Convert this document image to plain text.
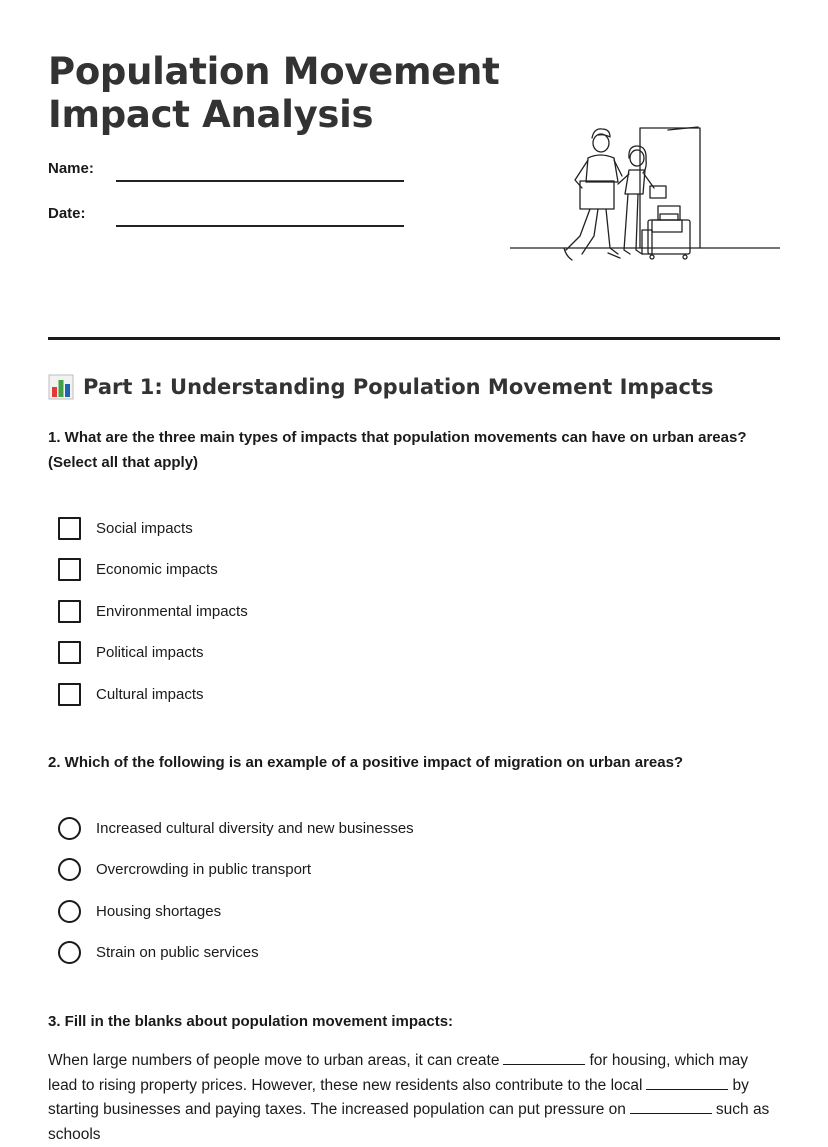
Population Movement
Impact Analysis
Name:
Date:
Part 1: Understanding Population Movement Impacts

1. What are the three main types of impacts that population movements can have on urban areas?
(Select all that apply)

Social impacts
Economic impacts
Environmental impacts
Political impacts
Cultural impacts

2. Which of the following is an example of a positive impact of migration on urban areas?

Increased cultural diversity and new businesses
Overcrowding in public transport
Housing shortages
Strain on public services

3. Fill in the blanks about population movement impacts:

When large numbers of people move to urban areas, it can create	for housing, which may lead to rising property prices. However, these new residents also contribute to the local	by starting businesses and paying taxes. The increased population can put pressure on	such as schools
